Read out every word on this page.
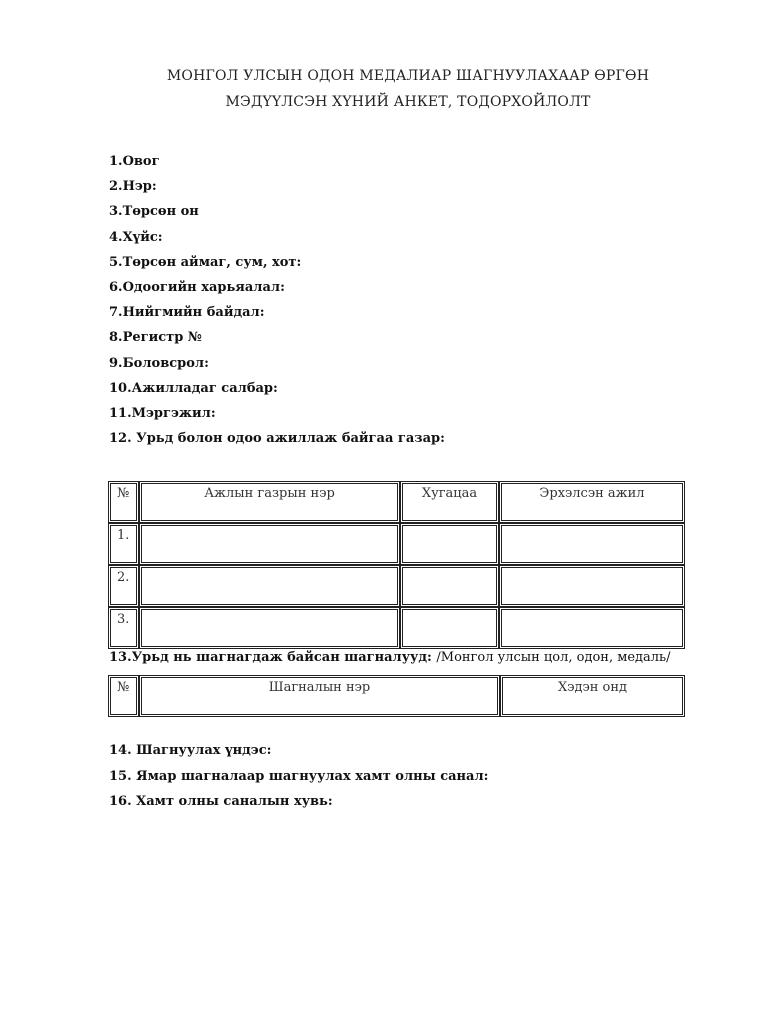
МОНГОЛ УЛСЫН ОДОН МЕДАЛИАР ШАГНУУЛАХААР ӨРГӨН
МЭДҮҮЛСЭН ХҮНИЙ АНКЕТ, ТОДОРХОЙЛОЛТ
1.Овог
2.Нэр:
3.Төрсөн он
4.Хүйс:
5.Төрсөн аймаг, сум, хот:
6.Одоогийн харьяалал:
7.Нийгмийн байдал:
8.Регистр №
9.Боловсрол:
10.Ажилладаг салбар:
11.Мэргэжил:
12. Урьд болон одоо ажиллаж байгаа газар:
№	Ажлын газрын нэр	Хугацаа	Эрхэлсэн ажил
1.			
2.			
3.			
13.Урьд нь шагнагдаж байсан шагналууд: /Монгол улсын цол, одон, медаль/
№	Шагналын нэр	Хэдэн онд
14. Шагнуулах үндэс:
15. Ямар шагналаар шагнуулах хамт олны санал:
16. Хамт олны саналын хувь:
